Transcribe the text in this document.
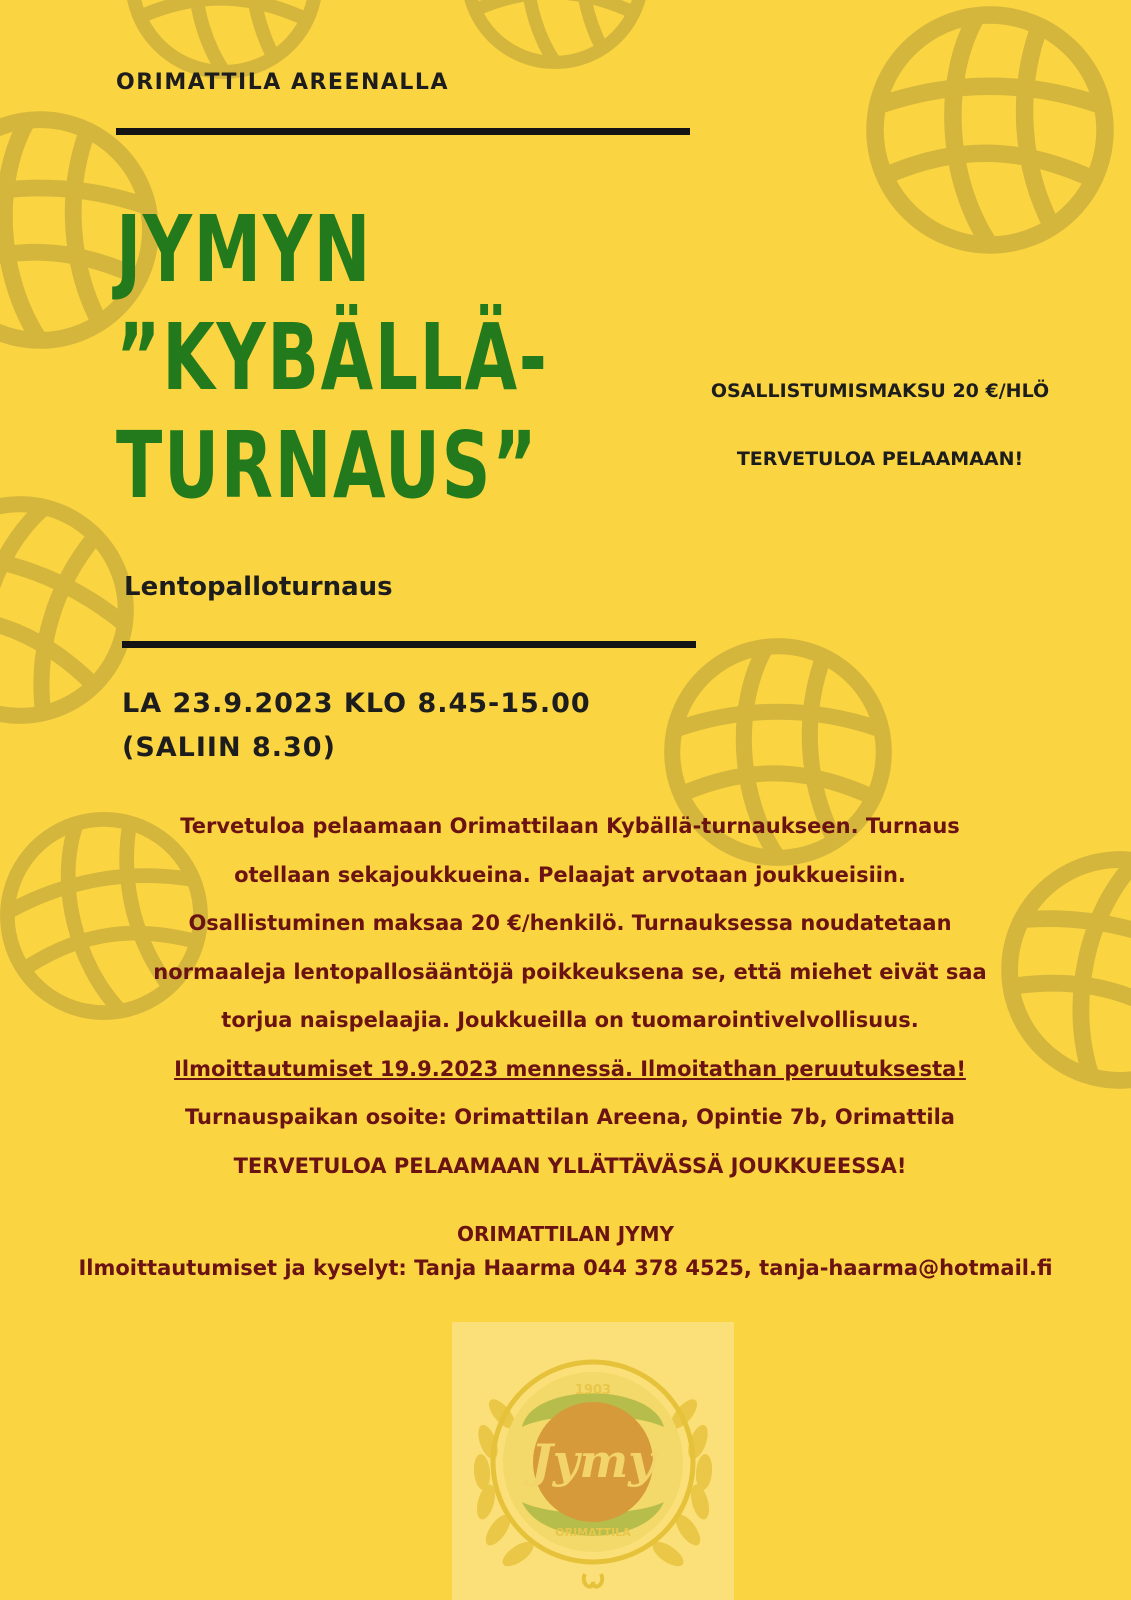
ORIMATTILA AREENALLA
JYMYN
”KYBÄLLÄ-
TURNAUS”
OSALLISTUMISMAKSU 20 €/HLÖ
TERVETULOA PELAAMAAN!
Lentopalloturnaus
LA 23.9.2023 KLO 8.45-15.00
(SALIIN 8.30)
Tervetuloa pelaamaan Orimattilaan Kybällä-turnaukseen. Turnaus
otellaan sekajoukkueina. Pelaajat arvotaan joukkueisiin.
Osallistuminen maksaa 20 €/henkilö. Turnauksessa noudatetaan
normaaleja lentopallosääntöjä poikkeuksena se, että miehet eivät saa
torjua naispelaajia. Joukkueilla on tuomarointivelvollisuus.
Ilmoittautumiset 19.9.2023 mennessä. Ilmoitathan peruutuksesta!
Turnauspaikan osoite: Orimattilan Areena, Opintie 7b, Orimattila
TERVETULOA PELAAMAAN YLLÄTTÄVÄSSÄ JOUKKUEESSA!
ORIMATTILAN JYMY
Ilmoittautumiset ja kyselyt: Tanja Haarma 044 378 4525, tanja-haarma@hotmail.fi
1903
Jymy
ORIMATTILA
